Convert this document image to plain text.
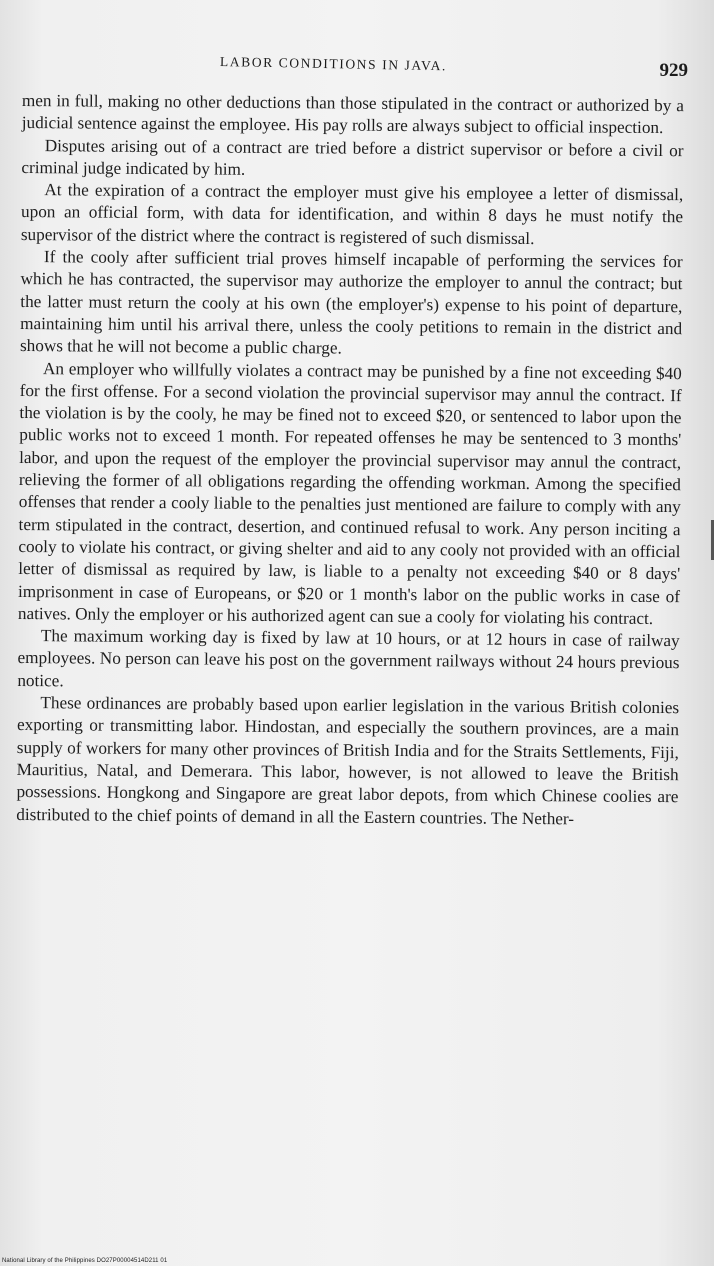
LABOR CONDITIONS IN JAVA.	929

men in full, making no other deductions than those stipulated in the contract or authorized by a judicial sentence against the employee. His pay rolls are always subject to official inspection.

Disputes arising out of a contract are tried before a district supervisor or before a civil or criminal judge indicated by him.

At the expiration of a contract the employer must give his employee a letter of dismissal, upon an official form, with data for identification, and within 8 days he must notify the supervisor of the district where the contract is registered of such dismissal.

If the cooly after sufficient trial proves himself incapable of performing the services for which he has contracted, the supervisor may authorize the employer to annul the contract; but the latter must return the cooly at his own (the employer's) expense to his point of departure, maintaining him until his arrival there, unless the cooly petitions to remain in the district and shows that he will not become a public charge.

An employer who willfully violates a contract may be punished by a fine not exceeding $40 for the first offense. For a second violation the provincial supervisor may annul the contract. If the violation is by the cooly, he may be fined not to exceed $20, or sentenced to labor upon the public works not to exceed 1 month. For repeated offenses he may be sentenced to 3 months' labor, and upon the request of the employer the provincial supervisor may annul the contract, relieving the former of all obligations regarding the offending workman. Among the specified offenses that render a cooly liable to the penalties just mentioned are failure to comply with any term stipulated in the contract, desertion, and continued refusal to work. Any person inciting a cooly to violate his contract, or giving shelter and aid to any cooly not provided with an official letter of dismissal as required by law, is liable to a penalty not exceeding $40 or 8 days' imprisonment in case of Europeans, or $20 or 1 month's labor on the public works in case of natives. Only the employer or his authorized agent can sue a cooly for violating his contract.

The maximum working day is fixed by law at 10 hours, or at 12 hours in case of railway employees. No person can leave his post on the government railways without 24 hours previous notice.

These ordinances are probably based upon earlier legislation in the various British colonies exporting or transmitting labor. Hindostan, and especially the southern provinces, are a main supply of workers for many other provinces of British India and for the Straits Settlements, Fiji, Mauritius, Natal, and Demerara. This labor, however, is not allowed to leave the British possessions. Hongkong and Singapore are great labor depots, from which Chinese coolies are distributed to the chief points of demand in all the Eastern countries. The Nether-

National Library of the Philippines DO27P00004514D211 01
